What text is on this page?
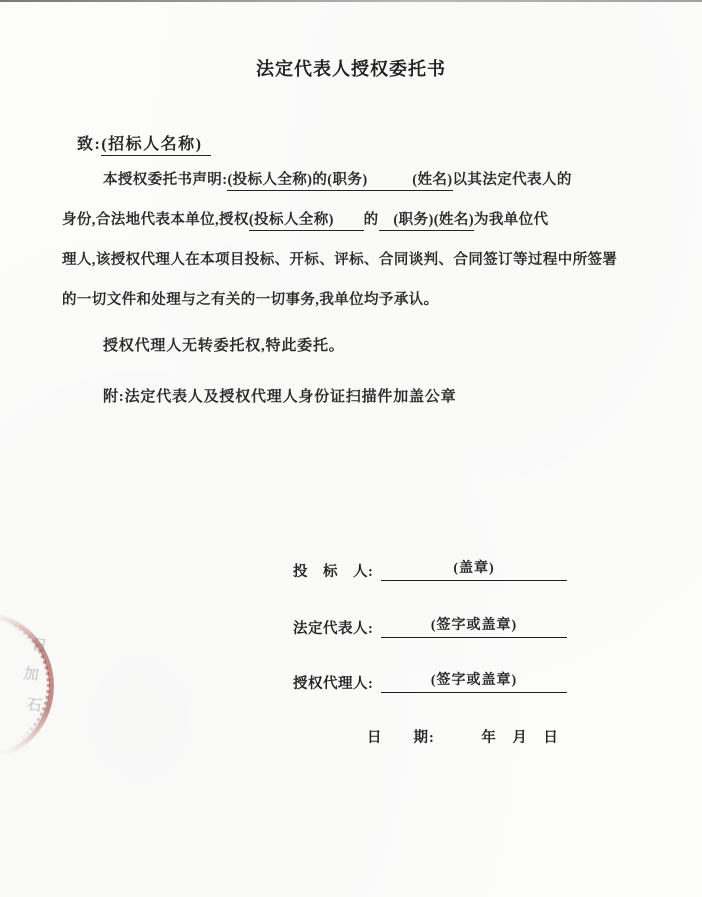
法定代表人授权委托书
致:(招标人名称)
本授权委托书声明:(投标人全称)的(职务)　　　(姓名)以其法定代表人的
身份,合法地代表本单位,授权(投标人全称)　　的　(职务)(姓名)为我单位代
理人,该授权代理人在本项目投标、开标、评标、合同谈判、合同签订等过程中所签署
的一切文件和处理与之有关的一切事务,我单位均予承认。
授权代理人无转委托权,特此委托。
附:法定代表人及授权代理人身份证扫描件加盖公章
投　标　人:	(盖章)
法定代表人:	(签字或盖章)
授权代理人:	(签字或盖章)
日　　期:　　　年　月　日
日
加
石
